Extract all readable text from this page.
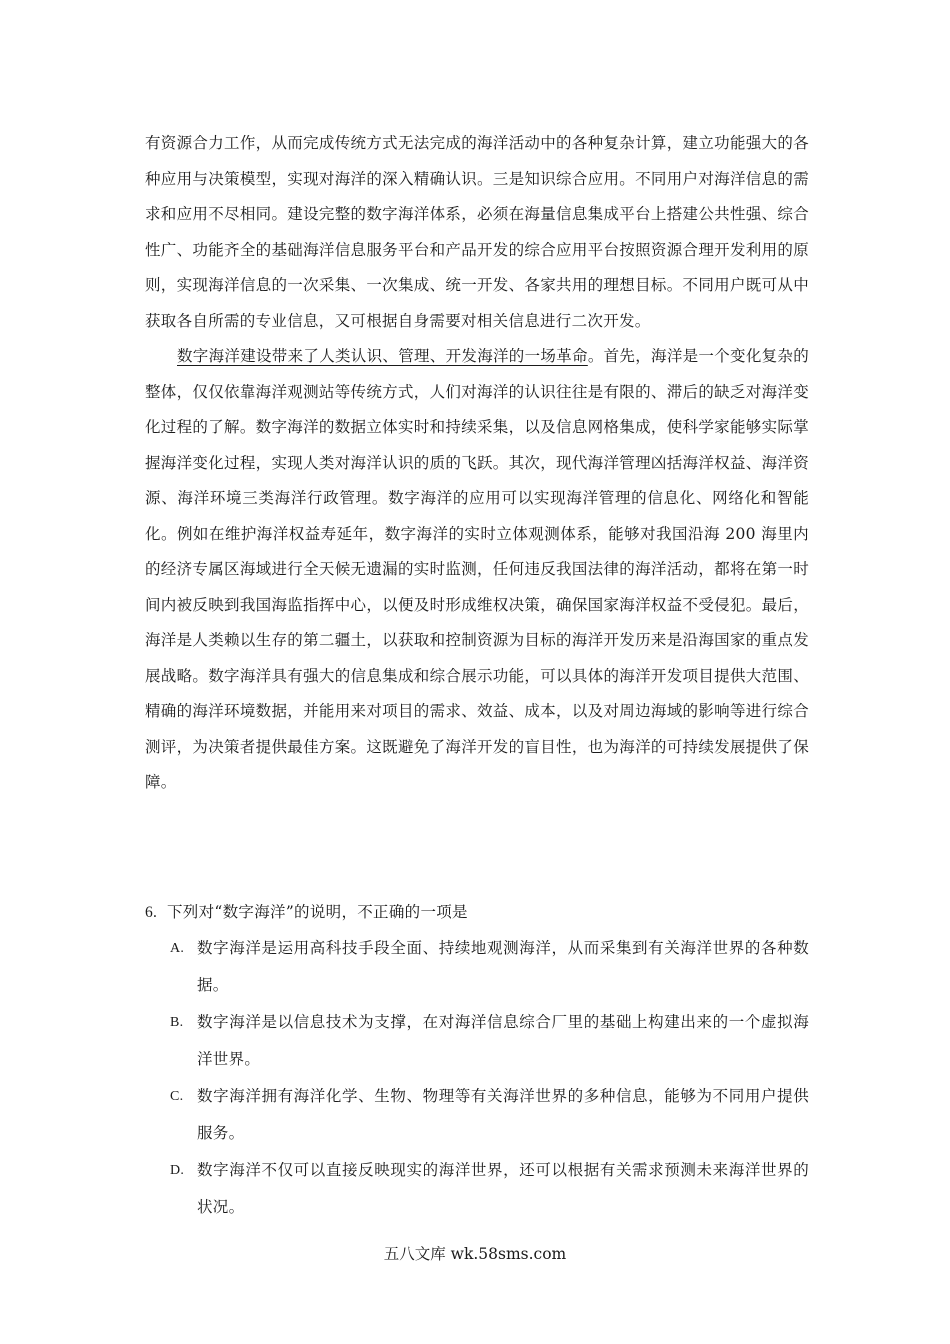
有资源合力工作，从而完成传统方式无法完成的海洋活动中的各种复杂计算，建立功能强大的各种应用与决策模型，实现对海洋的深入精确认识。三是知识综合应用。不同用户对海洋信息的需求和应用不尽相同。建设完整的数字海洋体系，必须在海量信息集成平台上搭建公共性强、综合性广、功能齐全的基础海洋信息服务平台和产品开发的综合应用平台按照资源合理开发利用的原则，实现海洋信息的一次采集、一次集成、统一开发、各家共用的理想目标。不同用户既可从中获取各自所需的专业信息，又可根据自身需要对相关信息进行二次开发。

数字海洋建设带来了人类认识、管理、开发海洋的一场革命。首先，海洋是一个变化复杂的整体，仅仅依靠海洋观测站等传统方式，人们对海洋的认识往往是有限的、滞后的缺乏对海洋变化过程的了解。数字海洋的数据立体实时和持续采集，以及信息网格集成，使科学家能够实际掌握海洋变化过程，实现人类对海洋认识的质的飞跃。其次，现代海洋管理凶括海洋权益、海洋资源、海洋环境三类海洋行政管理。数字海洋的应用可以实现海洋管理的信息化、网络化和智能化。例如在维护海洋权益寿延年，数字海洋的实时立体观测体系，能够对我国沿海 200 海里内的经济专属区海域进行全天候无遗漏的实时监测，任何违反我国法律的海洋活动，都将在第一时间内被反映到我国海监指挥中心，以便及时形成维权决策，确保国家海洋权益不受侵犯。最后，海洋是人类赖以生存的第二疆土，以获取和控制资源为目标的海洋开发历来是沿海国家的重点发展战略。数字海洋具有强大的信息集成和综合展示功能，可以具体的海洋开发项目提供大范围、精确的海洋环境数据，并能用来对项目的需求、效益、成本，以及对周边海域的影响等进行综合测评，为决策者提供最佳方案。这既避免了海洋开发的盲目性，也为海洋的可持续发展提供了保障。

6. 下列对“数字海洋”的说明，不正确的一项是

A. 数字海洋是运用高科技手段全面、持续地观测海洋，从而采集到有关海洋世界的各种数据。

B. 数字海洋是以信息技术为支撑，在对海洋信息综合厂里的基础上构建出来的一个虚拟海洋世界。

C. 数字海洋拥有海洋化学、生物、物理等有关海洋世界的多种信息，能够为不同用户提供服务。

D. 数字海洋不仅可以直接反映现实的海洋世界，还可以根据有关需求预测未来海洋世界的状况。

五八文库 wk.58sms.com
